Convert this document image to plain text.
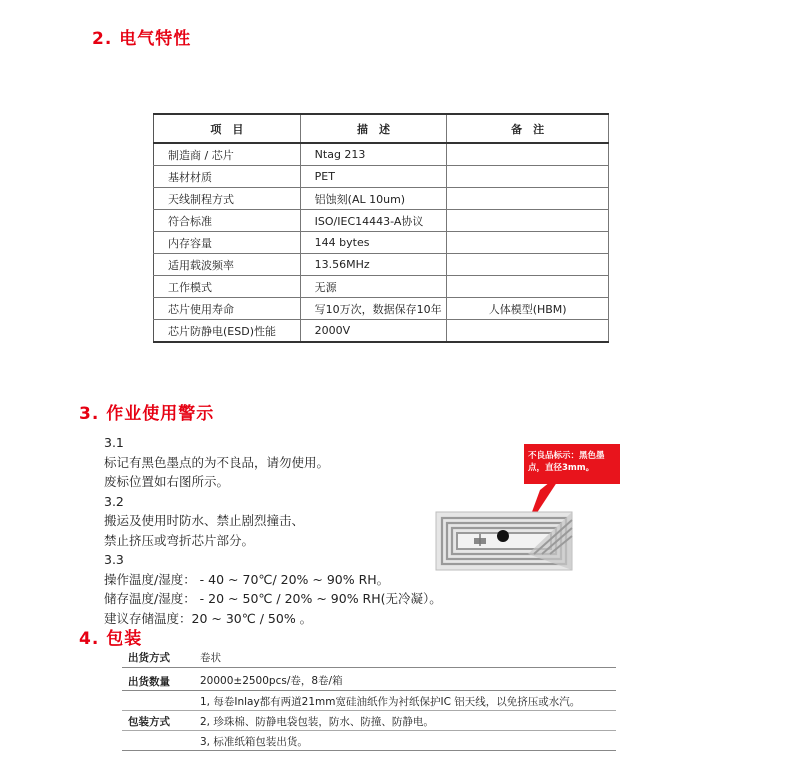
2. 电气特性
项　目	描　述	备　注
制造商 / 芯片	Ntag 213	
基材材质	PET	
天线制程方式	铝蚀刻(AL 10um)	
符合标准	ISO/IEC14443-A协议	
内存容量	144 bytes	
适用载波频率	13.56MHz	
工作模式	无源	
芯片使用寿命	写10万次，数据保存10年	人体模型(HBM)
芯片防静电(ESD)性能	2000V	
3. 作业使用警示
3.1
标记有黑色墨点的为不良品，请勿使用。
废标位置如右图所示。
3.2
搬运及使用时防水、禁止剧烈撞击、
禁止挤压或弯折芯片部分。
3.3
操作温度/湿度： - 40 ~ 70℃/ 20% ~ 90% RH。
储存温度/湿度： - 20 ~ 50℃ / 20% ~ 90% RH(无冷凝）。
建议存储温度：20 ~ 30℃ / 50% 。
不良品标示：黑色墨
点，直径3mm。
4. 包装
出货方式	卷状
出货数量	20000±2500pcs/卷，8卷/箱
包装方式
1, 每卷Inlay都有两道21mm宽硅油纸作为衬纸保护IC 铝天线，以免挤压或水汽。
2, 珍珠棉、防静电袋包装，防水、防撞、防静电。
3, 标准纸箱包装出货。
